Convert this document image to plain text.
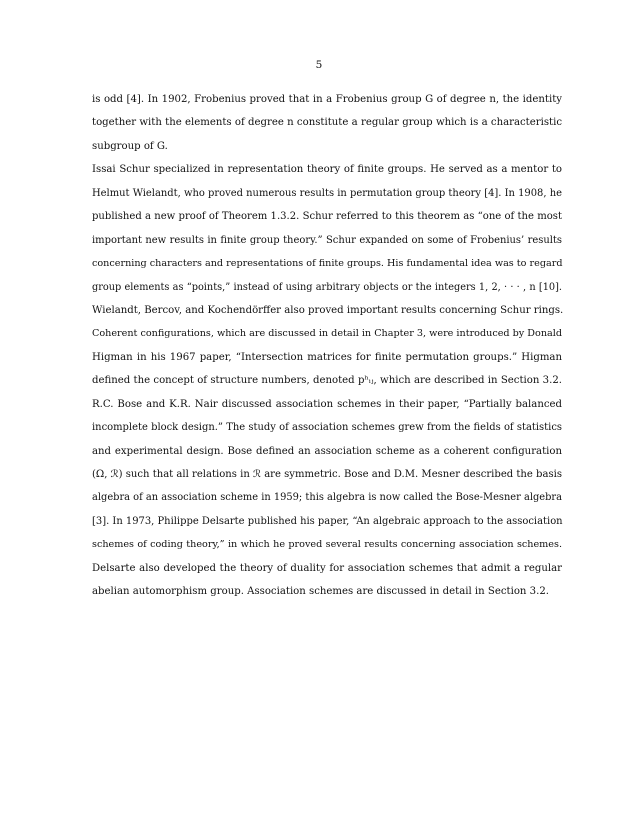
5
is odd [4]. In 1902, Frobenius proved that in a Frobenius group G of degree n, the identity
together with the elements of degree n constitute a regular group which is a characteristic
subgroup of G.
Issai Schur specialized in representation theory of finite groups. He served as a mentor to
Helmut Wielandt, who proved numerous results in permutation group theory [4]. In 1908, he
published a new proof of Theorem 1.3.2. Schur referred to this theorem as “one of the most
important new results in finite group theory.” Schur expanded on some of Frobenius’ results
concerning characters and representations of finite groups. His fundamental idea was to regard
group elements as “points,” instead of using arbitrary objects or the integers 1, 2, · · · , n [10].
Wielandt, Bercov, and Kochendörffer also proved important results concerning Schur rings.
Coherent configurations, which are discussed in detail in Chapter 3, were introduced by Donald
Higman in his 1967 paper, “Intersection matrices for finite permutation groups.” Higman
defined the concept of structure numbers, denoted pʰᵢⱼ, which are described in Section 3.2.
R.C. Bose and K.R. Nair discussed association schemes in their paper, “Partially balanced
incomplete block design.” The study of association schemes grew from the fields of statistics
and experimental design. Bose defined an association scheme as a coherent configuration
(Ω, ℛ) such that all relations in ℛ are symmetric. Bose and D.M. Mesner described the basis
algebra of an association scheme in 1959; this algebra is now called the Bose-Mesner algebra
[3]. In 1973, Philippe Delsarte published his paper, “An algebraic approach to the association
schemes of coding theory,” in which he proved several results concerning association schemes.
Delsarte also developed the theory of duality for association schemes that admit a regular
abelian automorphism group. Association schemes are discussed in detail in Section 3.2.
